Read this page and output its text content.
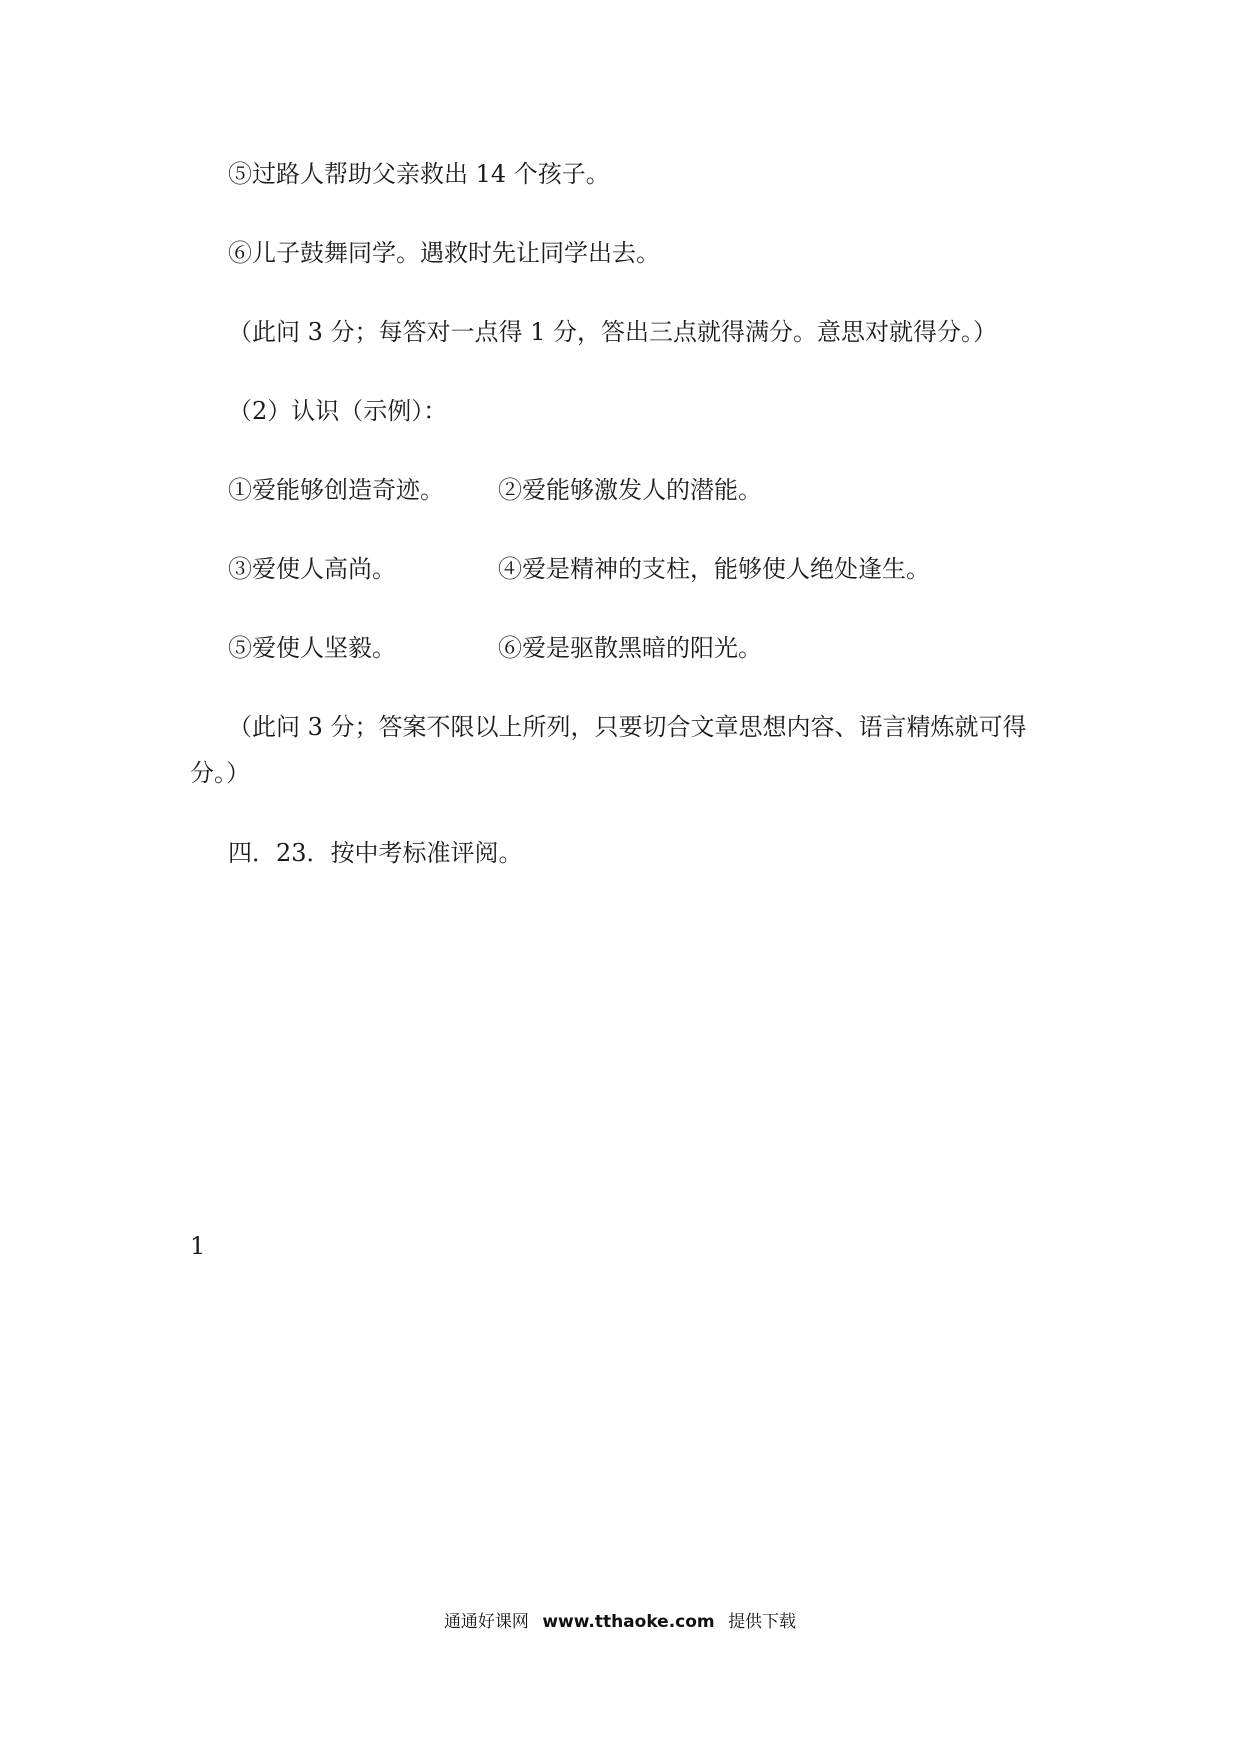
⑤过路人帮助父亲救出 14 个孩子。
⑥儿子鼓舞同学。遇救时先让同学出去。
（此问 3 分；每答对一点得 1 分，答出三点就得满分。意思对就得分。）
（2）认识（示例）：
①爱能够创造奇迹。 ②爱能够激发人的潜能。
③爱使人高尚。	④爱是精神的支柱，能够使人绝处逢生。
⑤爱使人坚毅。	⑥爱是驱散黑暗的阳光。
（此问 3 分；答案不限以上所列，只要切合文章思想内容、语言精炼就可得
分。）
四．23．按中考标准评阅。
1
通通好课网 www.tthaoke.com 提供下载
